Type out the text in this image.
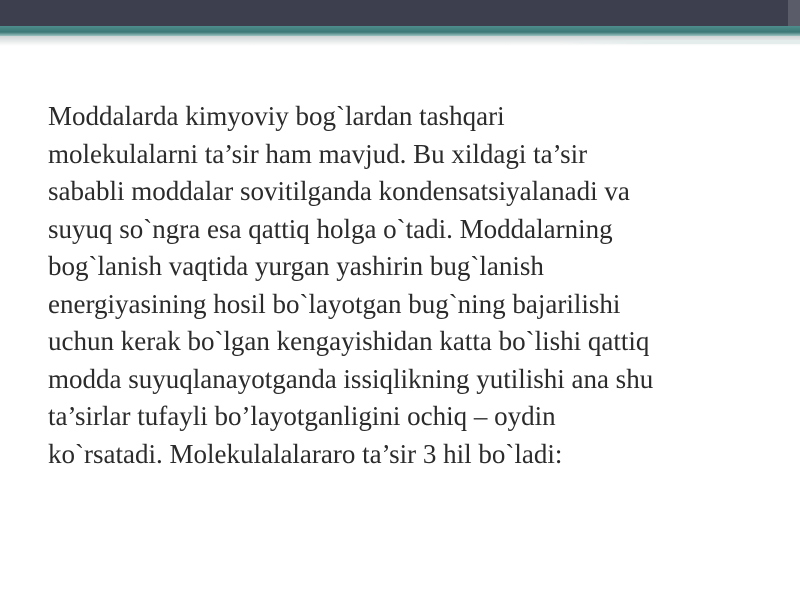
Moddalarda kimyoviy bog`lardan tashqari
molekulalarni ta’sir ham mavjud. Bu xildagi ta’sir
sababli moddalar sovitilganda kondensatsiyalanadi va
suyuq so`ngra esa qattiq holga o`tadi. Moddalarning
bog`lanish vaqtida yurgan yashirin bug`lanish
energiyasining hosil bo`layotgan bug`ning bajarilishi
uchun kerak bo`lgan kengayishidan katta bo`lishi qattiq
modda suyuqlanayotganda issiqlikning yutilishi ana shu
ta’sirlar tufayli bo’layotganligini ochiq – oydin
ko`rsatadi. Molekulalalararo ta’sir 3 hil bo`ladi:
